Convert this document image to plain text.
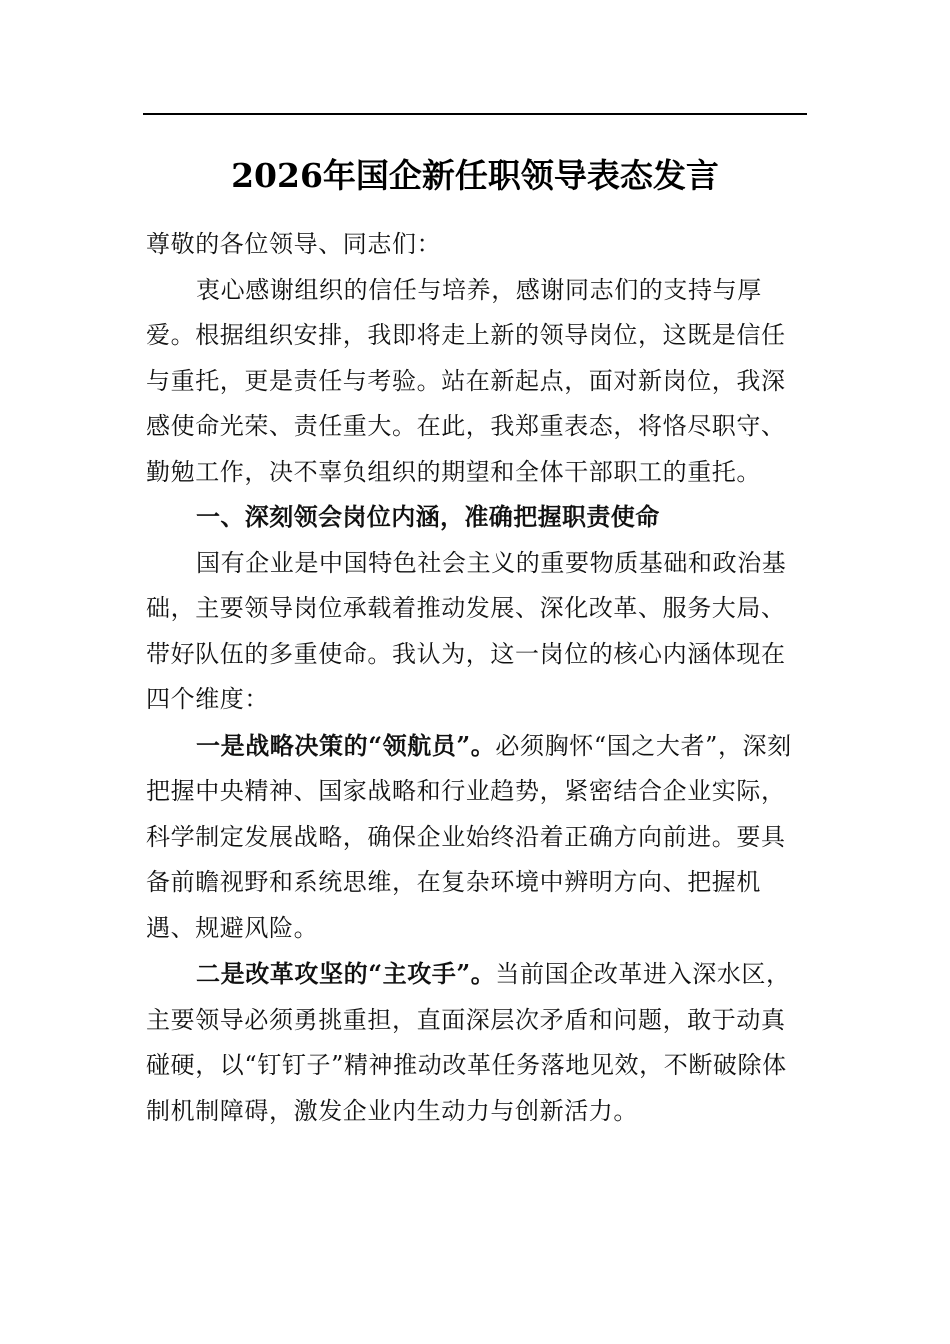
2026年国企新任职领导表态发言

尊敬的各位领导、同志们：

衷心感谢组织的信任与培养，感谢同志们的支持与厚爱。根据组织安排，我即将走上新的领导岗位，这既是信任与重托，更是责任与考验。站在新起点，面对新岗位，我深感使命光荣、责任重大。在此，我郑重表态，将恪尽职守、勤勉工作，决不辜负组织的期望和全体干部职工的重托。

一、深刻领会岗位内涵，准确把握职责使命

国有企业是中国特色社会主义的重要物质基础和政治基础，主要领导岗位承载着推动发展、深化改革、服务大局、带好队伍的多重使命。我认为，这一岗位的核心内涵体现在四个维度：

一是战略决策的“领航员”。必须胸怀“国之大者”，深刻把握中央精神、国家战略和行业趋势，紧密结合企业实际，科学制定发展战略，确保企业始终沿着正确方向前进。要具备前瞻视野和系统思维，在复杂环境中辨明方向、把握机遇、规避风险。

二是改革攻坚的“主攻手”。当前国企改革进入深水区，主要领导必须勇挑重担，直面深层次矛盾和问题，敢于动真碰硬，以“钉钉子”精神推动改革任务落地见效，不断破除体制机制障碍，激发企业内生动力与创新活力。
